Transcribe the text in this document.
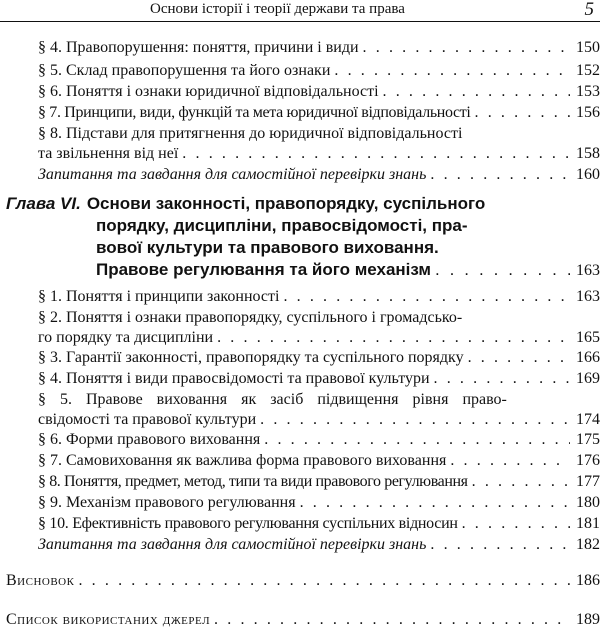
Основи історії і теорії держави та права	5
§ 4. Правопорушення: поняття, причини і види . . .	150
§ 5. Склад правопорушення та його ознаки . . .	152
§ 6. Поняття і ознаки юридичної відповідальності . . .	153
§ 7. Принципи, види, функцій та мета юридичної відповідальності . . .	156
§ 8. Підстави для притягнення до юридичної відповідальності
та звільнення від неї . . .	158
Запитання та завдання для самостійної перевірки знань . . .	160
Глава VI. Основи законності, правопорядку, суспільного
порядку, дисципліни, правосвідомості, пра-
вової культури та правового виховання.
Правове регулювання та його механізм . . .	163
§ 1. Поняття і принципи законності . . .	163
§ 2. Поняття і ознаки правопорядку, суспільного і громадсько-
го порядку та дисципліни . . .	165
§ 3. Гарантії законності, правопорядку та суспільного порядку . . .	166
§ 4. Поняття і види правосвідомості та правової культури . . .	169
§ 5. Правове виховання як засіб підвищення рівня право-
свідомості та правової культури . . .	174
§ 6. Форми правового виховання . . .	175
§ 7. Самовиховання як важлива форма правового виховання . . .	176
§ 8. Поняття, предмет, метод, типи та види правового регулювання . . .	177
§ 9. Механізм правового регулювання . . .	180
§ 10. Ефективність правового регулювання суспільних відносин . . .	181
Запитання та завдання для самостійної перевірки знань . . .	182
Висновок . . .	186
Список використаних джерел . . .	189
